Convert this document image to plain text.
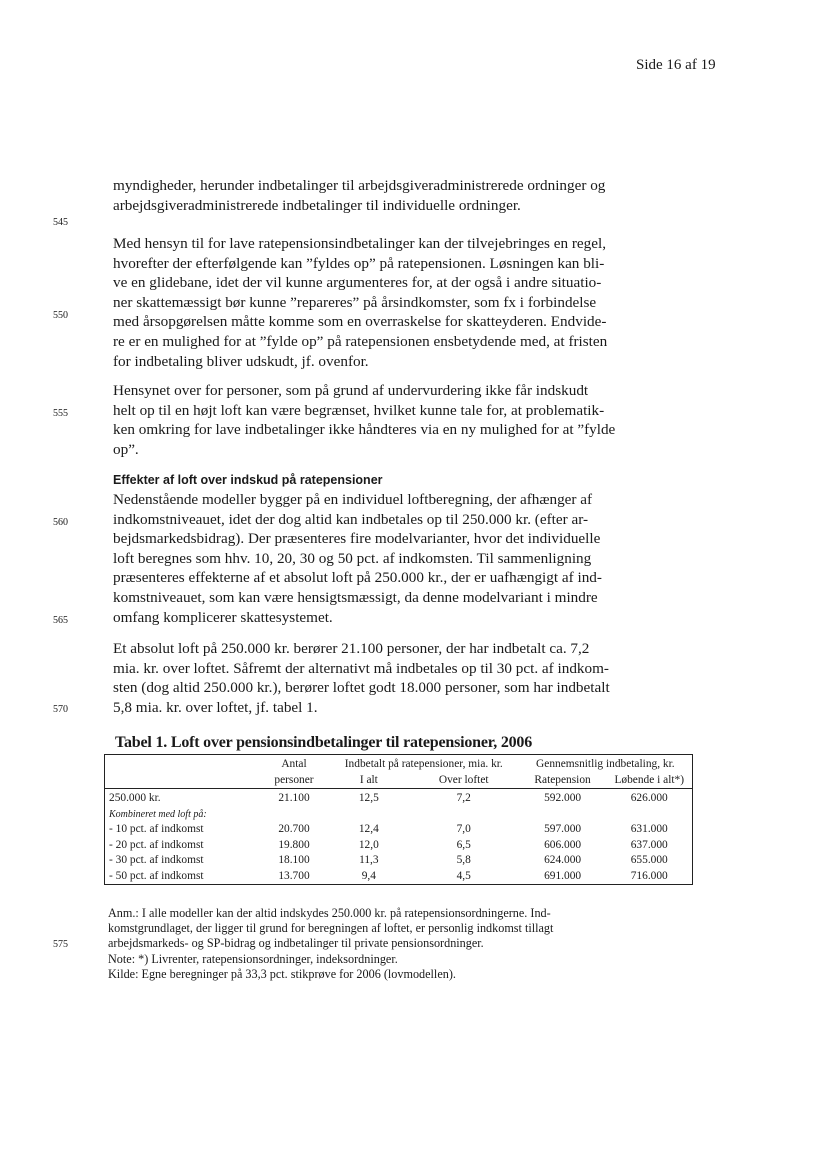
Side 16 af 19
545
550
555
560
565
570
575
myndigheder, herunder indbetalinger til arbejdsgiveradministrerede ordninger og
arbejdsgiveradministrerede indbetalinger til individuelle ordninger.
Med hensyn til for lave ratepensionsindbetalinger kan der tilvejebringes en regel,
hvorefter der efterfølgende kan ”fyldes op” på ratepensionen. Løsningen kan bli-
ve en glidebane, idet der vil kunne argumenteres for, at der også i andre situatio-
ner skattemæssigt bør kunne ”repareres” på årsindkomster, som fx i forbindelse
med årsopgørelsen måtte komme som en overraskelse for skatteyderen. Endvide-
re er en mulighed for at ”fylde op” på ratepensionen ensbetydende med, at fristen
for indbetaling bliver udskudt, jf. ovenfor.
Hensynet over for personer, som på grund af undervurdering ikke får indskudt
helt op til en højt loft kan være begrænset, hvilket kunne tale for, at problematik-
ken omkring for lave indbetalinger ikke håndteres via en ny mulighed for at ”fylde
op”.
Effekter af loft over indskud på ratepensioner
Nedenstående modeller bygger på en individuel loftberegning, der afhænger af
indkomstniveauet, idet der dog altid kan indbetales op til 250.000 kr. (efter ar-
bejdsmarkedsbidrag). Der præsenteres fire modelvarianter, hvor det individuelle
loft beregnes som hhv. 10, 20, 30 og 50 pct. af indkomsten. Til sammenligning
præsenteres effekterne af et absolut loft på 250.000 kr., der er uafhængigt af ind-
komstniveauet, som kan være hensigtsmæssigt, da denne modelvariant i mindre
omfang komplicerer skattesystemet.
Et absolut loft på 250.000 kr. berører 21.100 personer, der har indbetalt ca. 7,2
mia. kr. over loftet. Såfremt der alternativt må indbetales op til 30 pct. af indkom-
sten (dog altid 250.000 kr.), berører loftet godt 18.000 personer, som har indbetalt
5,8 mia. kr. over loftet, jf. tabel 1.
Tabel 1. Loft over pensionsindbetalinger til ratepensioner, 2006
	Antal	Indbetalt på ratepensioner, mia. kr.		Gennemsnitlig indbetaling, kr.	
	personer	I alt	Over loftet	Ratepension	Løbende i alt*)
250.000 kr.	21.100	12,5	7,2	592.000	626.000
Kombineret med loft på:					
- 10 pct. af indkomst	20.700	12,4	7,0	597.000	631.000
- 20 pct. af indkomst	19.800	12,0	6,5	606.000	637.000
- 30 pct. af indkomst	18.100	11,3	5,8	624.000	655.000
- 50 pct. af indkomst	13.700	9,4	4,5	691.000	716.000
Anm.: I alle modeller kan der altid indskydes 250.000 kr. på ratepensionsordningerne. Ind-
komstgrundlaget, der ligger til grund for beregningen af loftet, er personlig indkomst tillagt
arbejdsmarkeds- og SP-bidrag og indbetalinger til private pensionsordninger.
Note: *) Livrenter, ratepensionsordninger, indeksordninger.
Kilde: Egne beregninger på 33,3 pct. stikprøve for 2006 (lovmodellen).
